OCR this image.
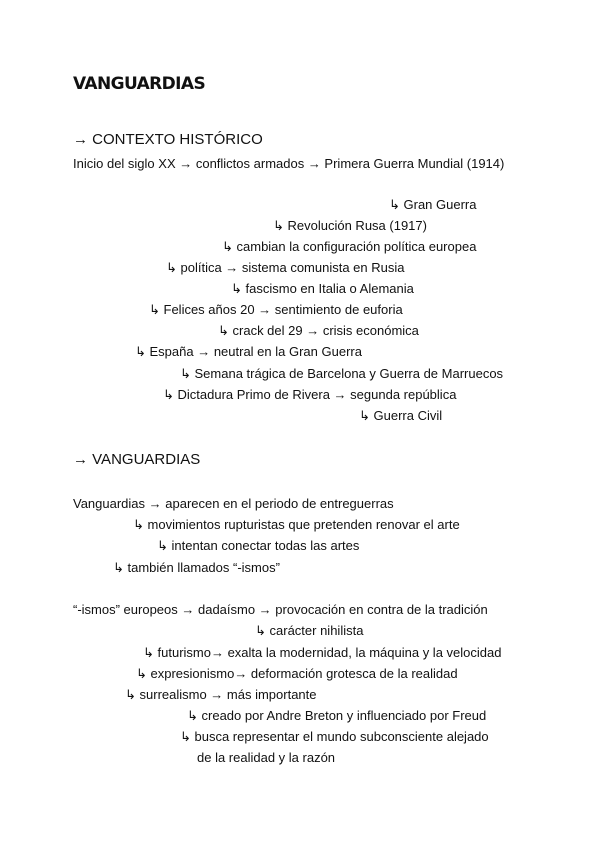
VANGUARDIAS
→ CONTEXTO HISTÓRICO
Inicio del siglo XX → conflictos armados → Primera Guerra Mundial (1914)
↳ Gran Guerra
↳ Revolución Rusa (1917)
↳ cambian la configuración política europea
↳ política → sistema comunista en Rusia
↳ fascismo en Italia o Alemania
↳ Felices años 20 → sentimiento de euforia
↳ crack del 29 → crisis económica
↳ España → neutral en la Gran Guerra
↳ Semana trágica de Barcelona y Guerra de Marruecos
↳ Dictadura Primo de Rivera → segunda república
↳ Guerra Civil
→ VANGUARDIAS
Vanguardias → aparecen en el periodo de entreguerras
↳ movimientos rupturistas que pretenden renovar el arte
↳ intentan conectar todas las artes
↳ también llamados “-ismos”
“-ismos” europeos → dadaísmo → provocación en contra de la tradición
↳ carácter nihilista
↳ futurismo→ exalta la modernidad, la máquina y la velocidad
↳ expresionismo→ deformación grotesca de la realidad
↳ surrealismo → más importante
↳ creado por Andre Breton y influenciado por Freud
↳ busca representar el mundo subconsciente alejado
de la realidad y la razón
